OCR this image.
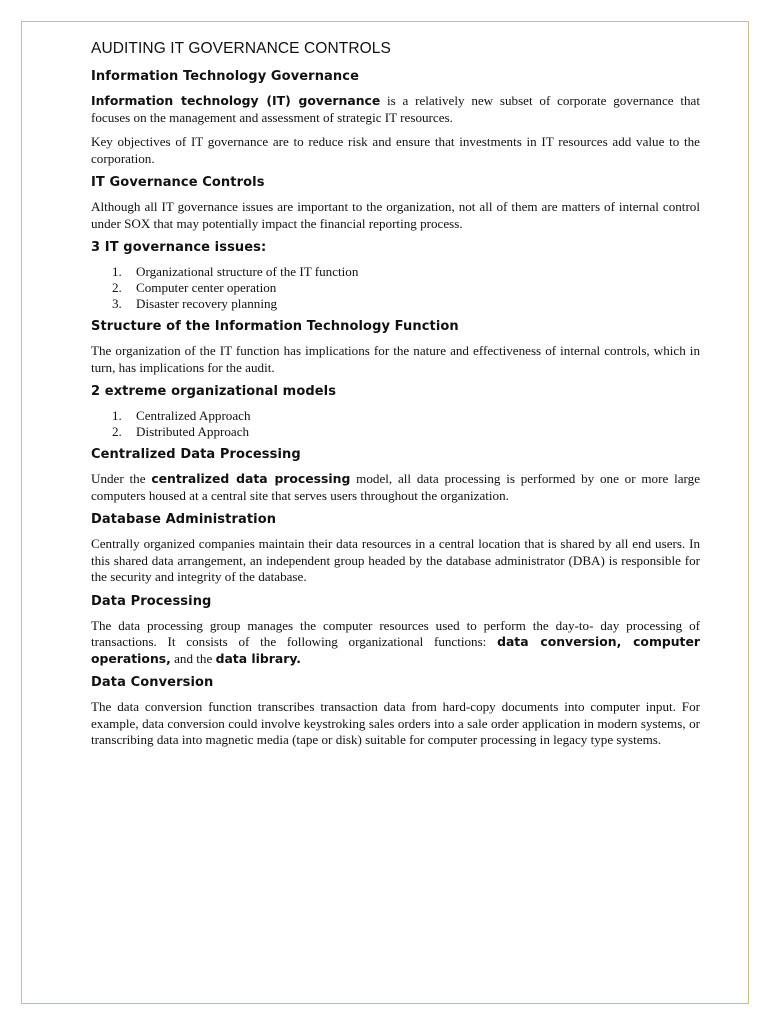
AUDITING IT GOVERNANCE CONTROLS
Information Technology Governance

Information technology (IT) governance is a relatively new subset of corporate governance that focuses on the management and assessment of strategic IT resources.

Key objectives of IT governance are to reduce risk and ensure that investments in IT resources add value to the corporation.

IT Governance Controls

Although all IT governance issues are important to the organization, not all of them are matters of internal control under SOX that may potentially impact the financial reporting process.

3 IT governance issues:
1. Organizational structure of the IT function
2. Computer center operation
3. Disaster recovery planning
Structure of the Information Technology Function

The organization of the IT function has implications for the nature and effectiveness of internal controls, which in turn, has implications for the audit.

2 extreme organizational models
1. Centralized Approach
2. Distributed Approach
Centralized Data Processing

Under the centralized data processing model, all data processing is performed by one or more large computers housed at a central site that serves users throughout the organization.

Database Administration

Centrally organized companies maintain their data resources in a central location that is shared by all end users. In this shared data arrangement, an independent group headed by the database administrator (DBA) is responsible for the security and integrity of the database.

Data Processing

The data processing group manages the computer resources used to perform the day-to- day processing of transactions. It consists of the following organizational functions: data conversion, computer operations, and the data library.

Data Conversion

The data conversion function transcribes transaction data from hard-copy documents into computer input. For example, data conversion could involve keystroking sales orders into a sale order application in modern systems, or transcribing data into magnetic media (tape or disk) suitable for computer processing in legacy type systems.
